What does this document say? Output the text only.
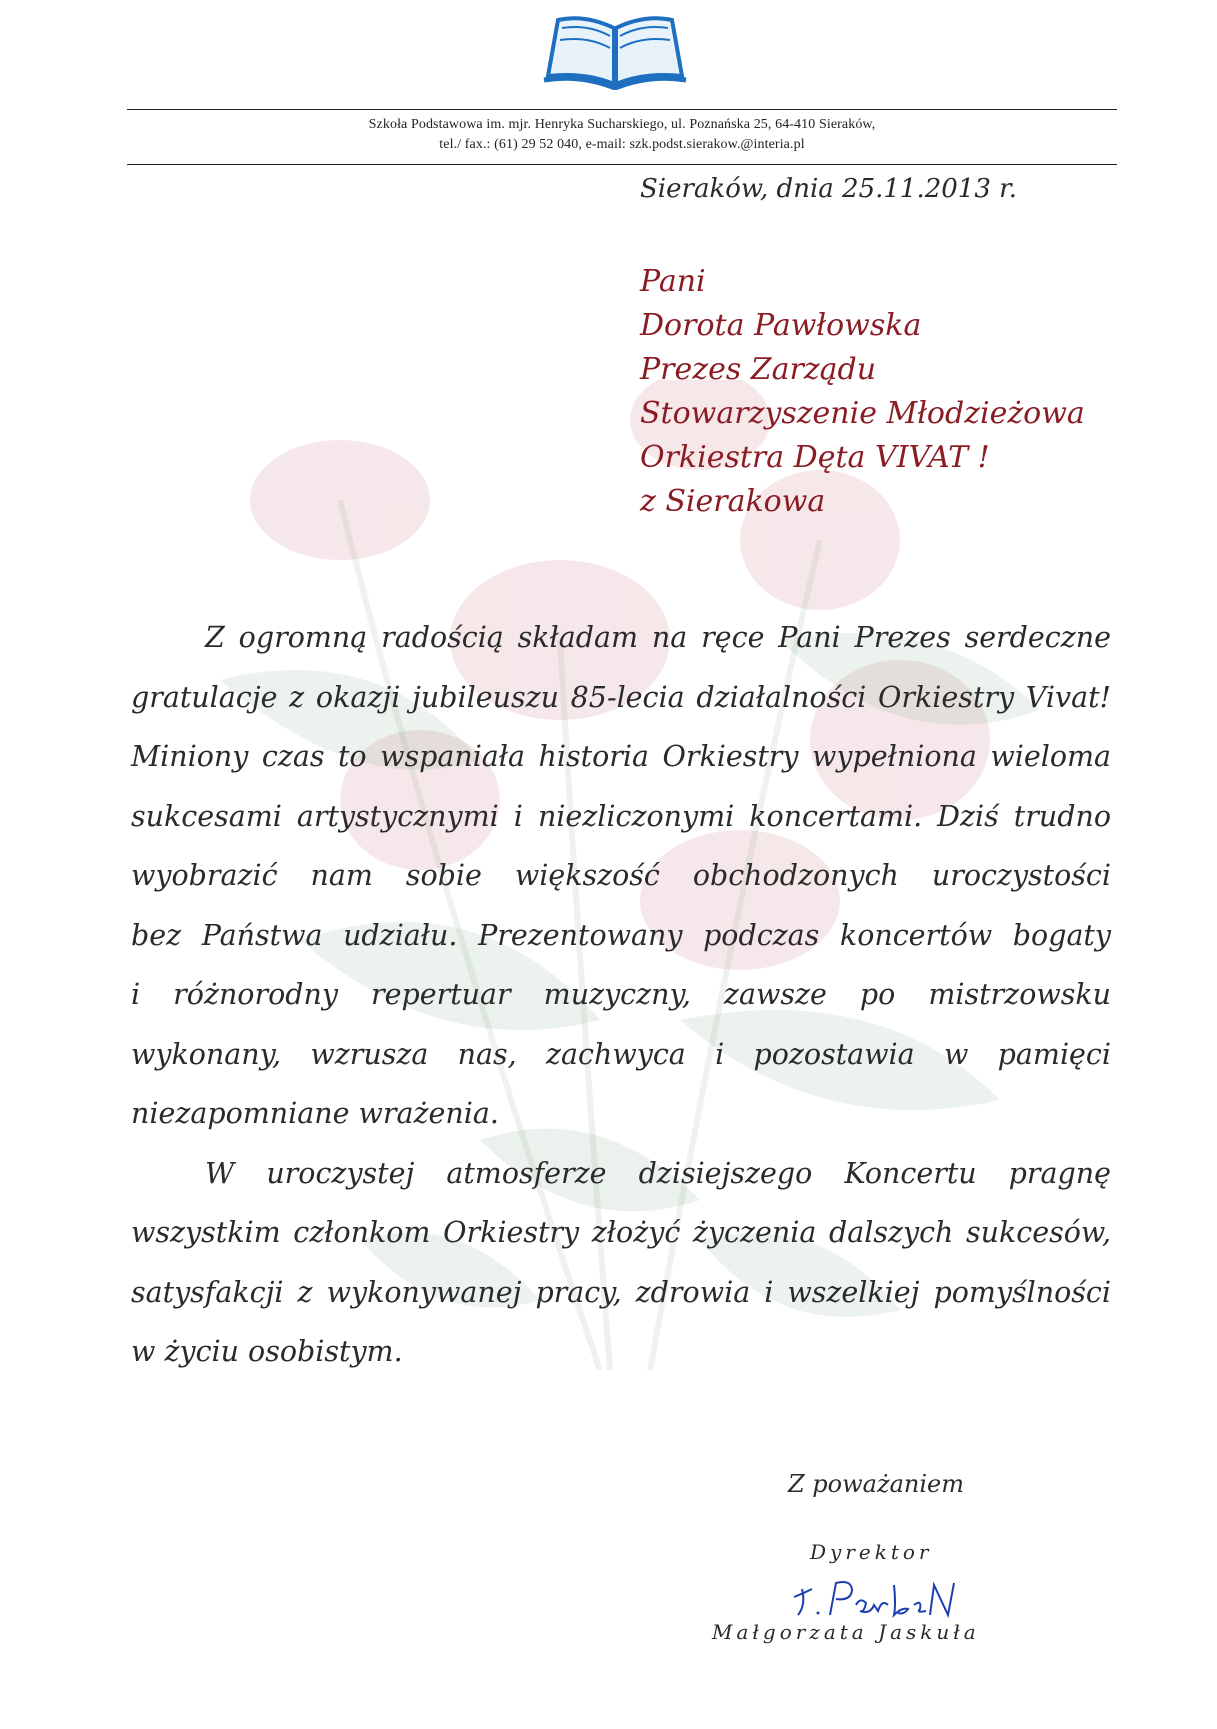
Szkoła Podstawowa im. mjr. Henryka Sucharskiego, ul. Poznańska 25, 64-410 Sieraków,
tel./ fax.: (61) 29 52 040, e-mail: szk.podst.sierakow.@interia.pl
Sieraków, dnia 25.11.2013 r.
Pani
Dorota Pawłowska
Prezes Zarządu
Stowarzyszenie Młodzieżowa
Orkiestra Dęta VIVAT !
z Sierakowa
Z ogromną radością składam na ręce Pani Prezes serdeczne
gratulacje z okazji jubileuszu 85-lecia działalności Orkiestry Vivat!
Miniony czas to wspaniała historia Orkiestry wypełniona wieloma
sukcesami artystycznymi i niezliczonymi koncertami. Dziś trudno
wyobrazić nam sobie większość obchodzonych uroczystości
bez Państwa udziału. Prezentowany podczas koncertów bogaty
i różnorodny repertuar muzyczny, zawsze po mistrzowsku
wykonany, wzrusza nas, zachwyca i pozostawia w pamięci
niezapomniane wrażenia.
W uroczystej atmosferze dzisiejszego Koncertu pragnę
wszystkim członkom Orkiestry złożyć życzenia dalszych sukcesów,
satysfakcji z wykonywanej pracy, zdrowia i wszelkiej pomyślności
w życiu osobistym.
Z poważaniem
Dyrektor
Małgorzata Jaskuła
